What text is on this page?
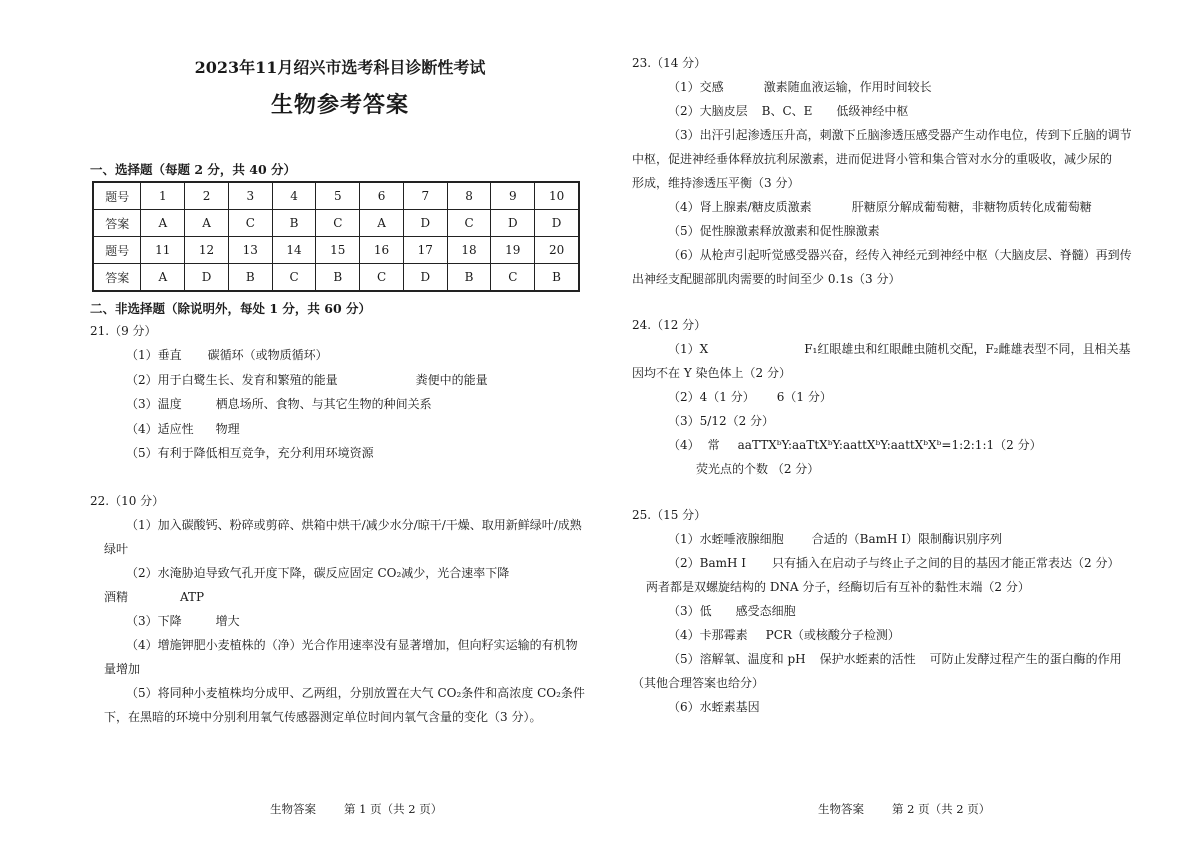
2023年11月绍兴市选考科目诊断性考试
生物参考答案
一、选择题（每题 2 分，共 40 分）
题号	1	2	3	4	5	6	7	8	9	10
答案	A	A	C	B	C	A	D	C	D	D
题号	11	12	13	14	15	16	17	18	19	20
答案	A	D	B	C	B	C	D	B	C	B
二、非选择题（除说明外，每处 1 分，共 60 分）
21.（9 分）
（1）垂直 碳循环（或物质循环）
（2）用于白鹭生长、发育和繁殖的能量	粪便中的能量
（3）温度	栖息场所、食物、与其它生物的种间关系
（4）适应性 物理
（5）有利于降低相互竞争，充分利用环境资源
22.（10 分）
（1）加入碳酸钙、粉碎或剪碎、烘箱中烘干/减少水分/晾干/干燥、取用新鲜绿叶/成熟
绿叶
（2）水淹胁迫导致气孔开度下降，碳反应固定 CO₂减少，光合速率下降
酒精	ATP
（3）下降	增大
（4）增施钾肥小麦植株的（净）光合作用速率没有显著增加，但向籽实运输的有机物
量增加
（5）将同种小麦植株均分成甲、乙两组，分别放置在大气 CO₂条件和高浓度 CO₂条件
下，在黑暗的环境中分别利用氧气传感器测定单位时间内氧气含量的变化（3 分）。
生物答案 第 1 页（共 2 页）
23.（14 分）
（1）交感	激素随血液运输，作用时间较长
（2）大脑皮层 B、C、E 低级神经中枢
（3）出汗引起渗透压升高，刺激下丘脑渗透压感受器产生动作电位，传到下丘脑的调节
中枢，促进神经垂体释放抗利尿激素，进而促进肾小管和集合管对水分的重吸收，减少尿的
形成，维持渗透压平衡（3 分）
（4）肾上腺素/糖皮质激素	肝糖原分解成葡萄糖，非糖物质转化成葡萄糖
（5）促性腺激素释放激素和促性腺激素
（6）从枪声引起听觉感受器兴奋，经传入神经元到神经中枢（大脑皮层、脊髓）再到传
出神经支配腿部肌肉需要的时间至少 0.1s（3 分）
24.（12 分）
（1）X	F₁红眼雄虫和红眼雌虫随机交配，F₂雌雄表型不同，且相关基
因均不在 Y 染色体上（2 分）
（2）4（1 分） 6（1 分）
（3）5/12（2 分）
（4） 常 aaTTXᵇY:aaTtXᵇY:aattXᵇY:aattXᵇXᵇ=1:2:1:1（2 分）
荧光点的个数 （2 分）
25.（15 分）
（1）水蛭唾液腺细胞 合适的（BamH I）限制酶识别序列
（2）BamH I 只有插入在启动子与终止子之间的目的基因才能正常表达（2 分）
两者都是双螺旋结构的 DNA 分子，经酶切后有互补的黏性末端（2 分）
（3）低 感受态细胞
（4）卡那霉素 PCR（或核酸分子检测）
（5）溶解氧、温度和 pH 保护水蛭素的活性 可防止发酵过程产生的蛋白酶的作用
（其他合理答案也给分）
（6）水蛭素基因
生物答案 第 2 页（共 2 页）
